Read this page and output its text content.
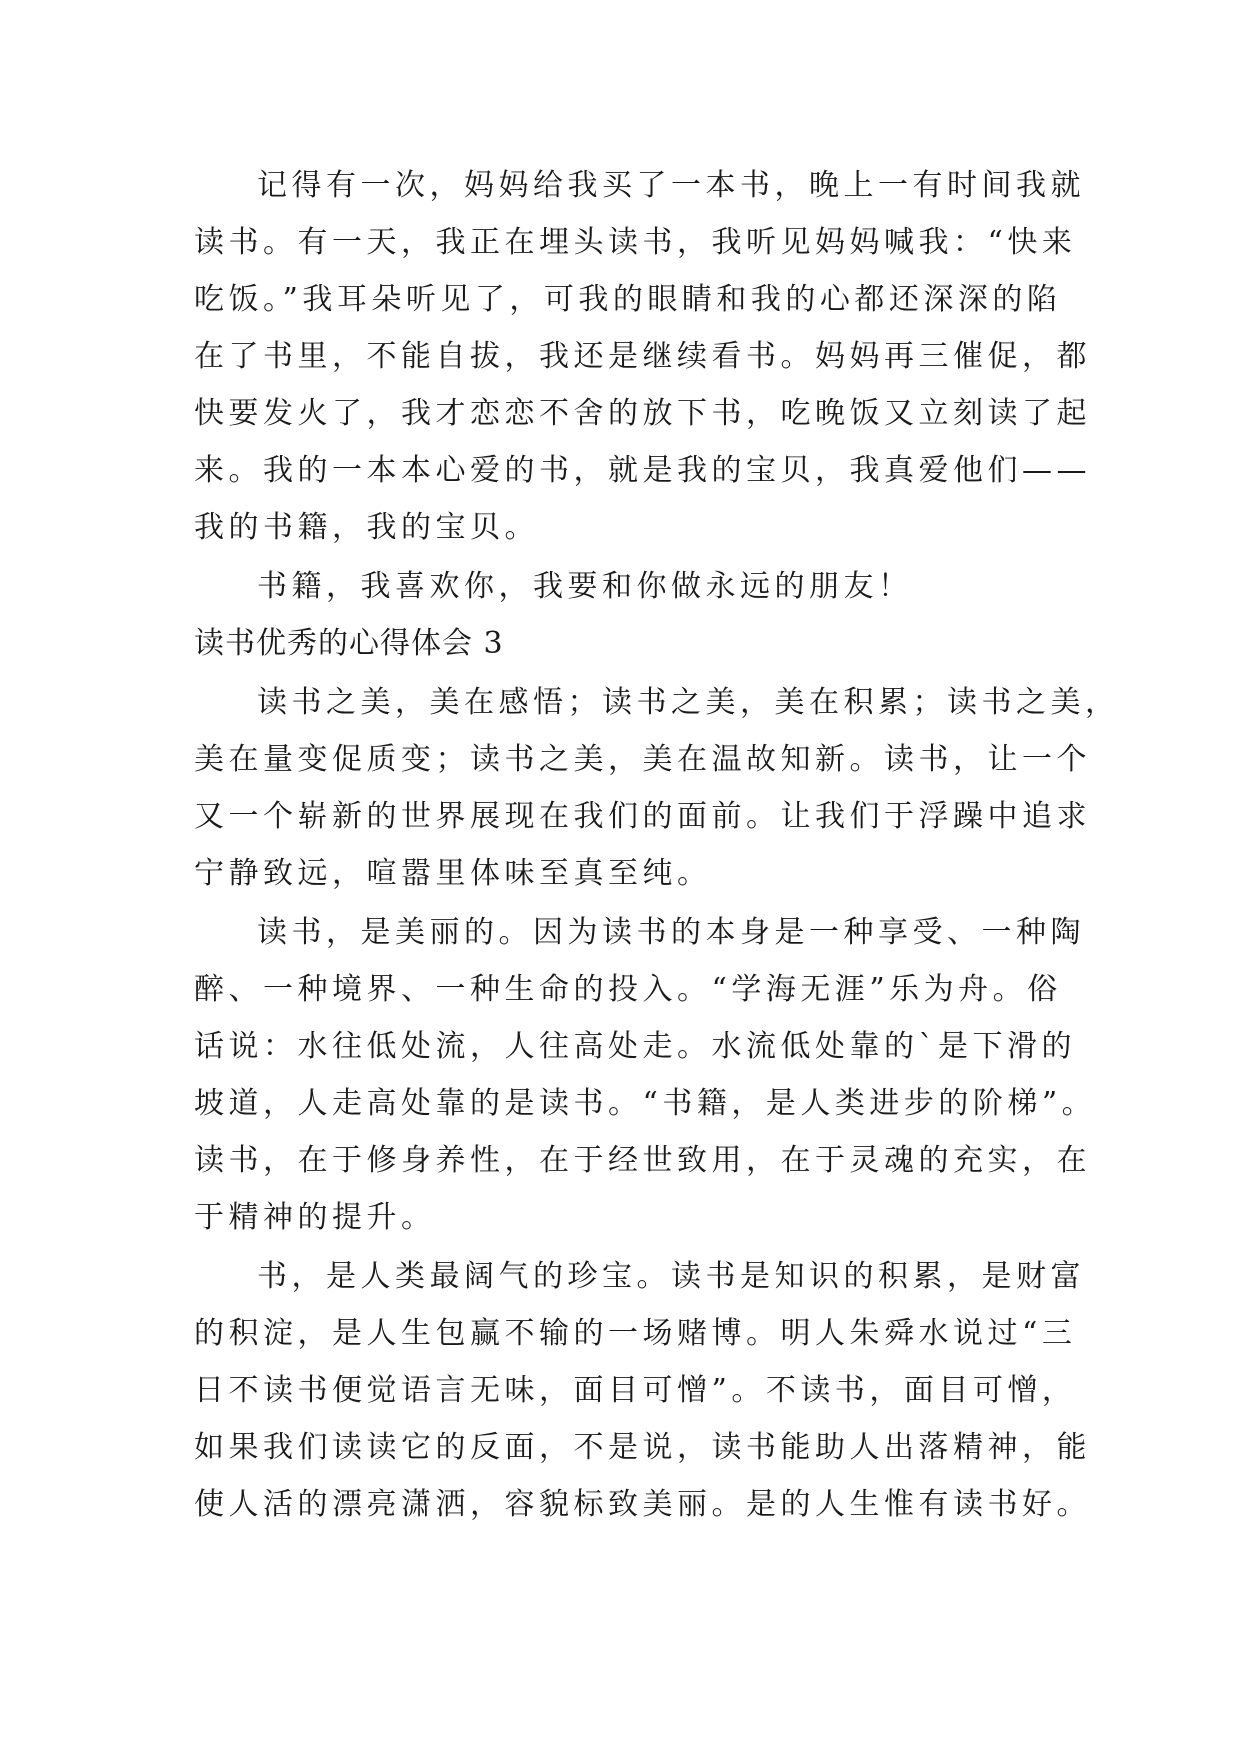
记得有一次，妈妈给我买了一本书，晚上一有时间我就
读书。有一天，我正在埋头读书，我听见妈妈喊我：“快来
吃饭。”我耳朵听见了，可我的眼睛和我的心都还深深的陷
在了书里，不能自拔，我还是继续看书。妈妈再三催促，都
快要发火了，我才恋恋不舍的放下书，吃晚饭又立刻读了起
来。我的一本本心爱的书，就是我的宝贝，我真爱他们——
我的书籍，我的宝贝。
书籍，我喜欢你，我要和你做永远的朋友！
读书优秀的心得体会 3
读书之美，美在感悟；读书之美，美在积累；读书之美，
美在量变促质变；读书之美，美在温故知新。读书，让一个
又一个崭新的世界展现在我们的面前。让我们于浮躁中追求
宁静致远，喧嚣里体味至真至纯。
读书，是美丽的。因为读书的本身是一种享受、一种陶
醉、一种境界、一种生命的投入。“学海无涯”乐为舟。俗
话说：水往低处流，人往高处走。水流低处靠的`是下滑的
坡道，人走高处靠的是读书。“书籍，是人类进步的阶梯”。
读书，在于修身养性，在于经世致用，在于灵魂的充实，在
于精神的提升。
书，是人类最阔气的珍宝。读书是知识的积累，是财富
的积淀，是人生包赢不输的一场赌博。明人朱舜水说过“三
日不读书便觉语言无味，面目可憎”。不读书，面目可憎，
如果我们读读它的反面，不是说，读书能助人出落精神，能
使人活的漂亮潇洒，容貌标致美丽。是的人生惟有读书好。
